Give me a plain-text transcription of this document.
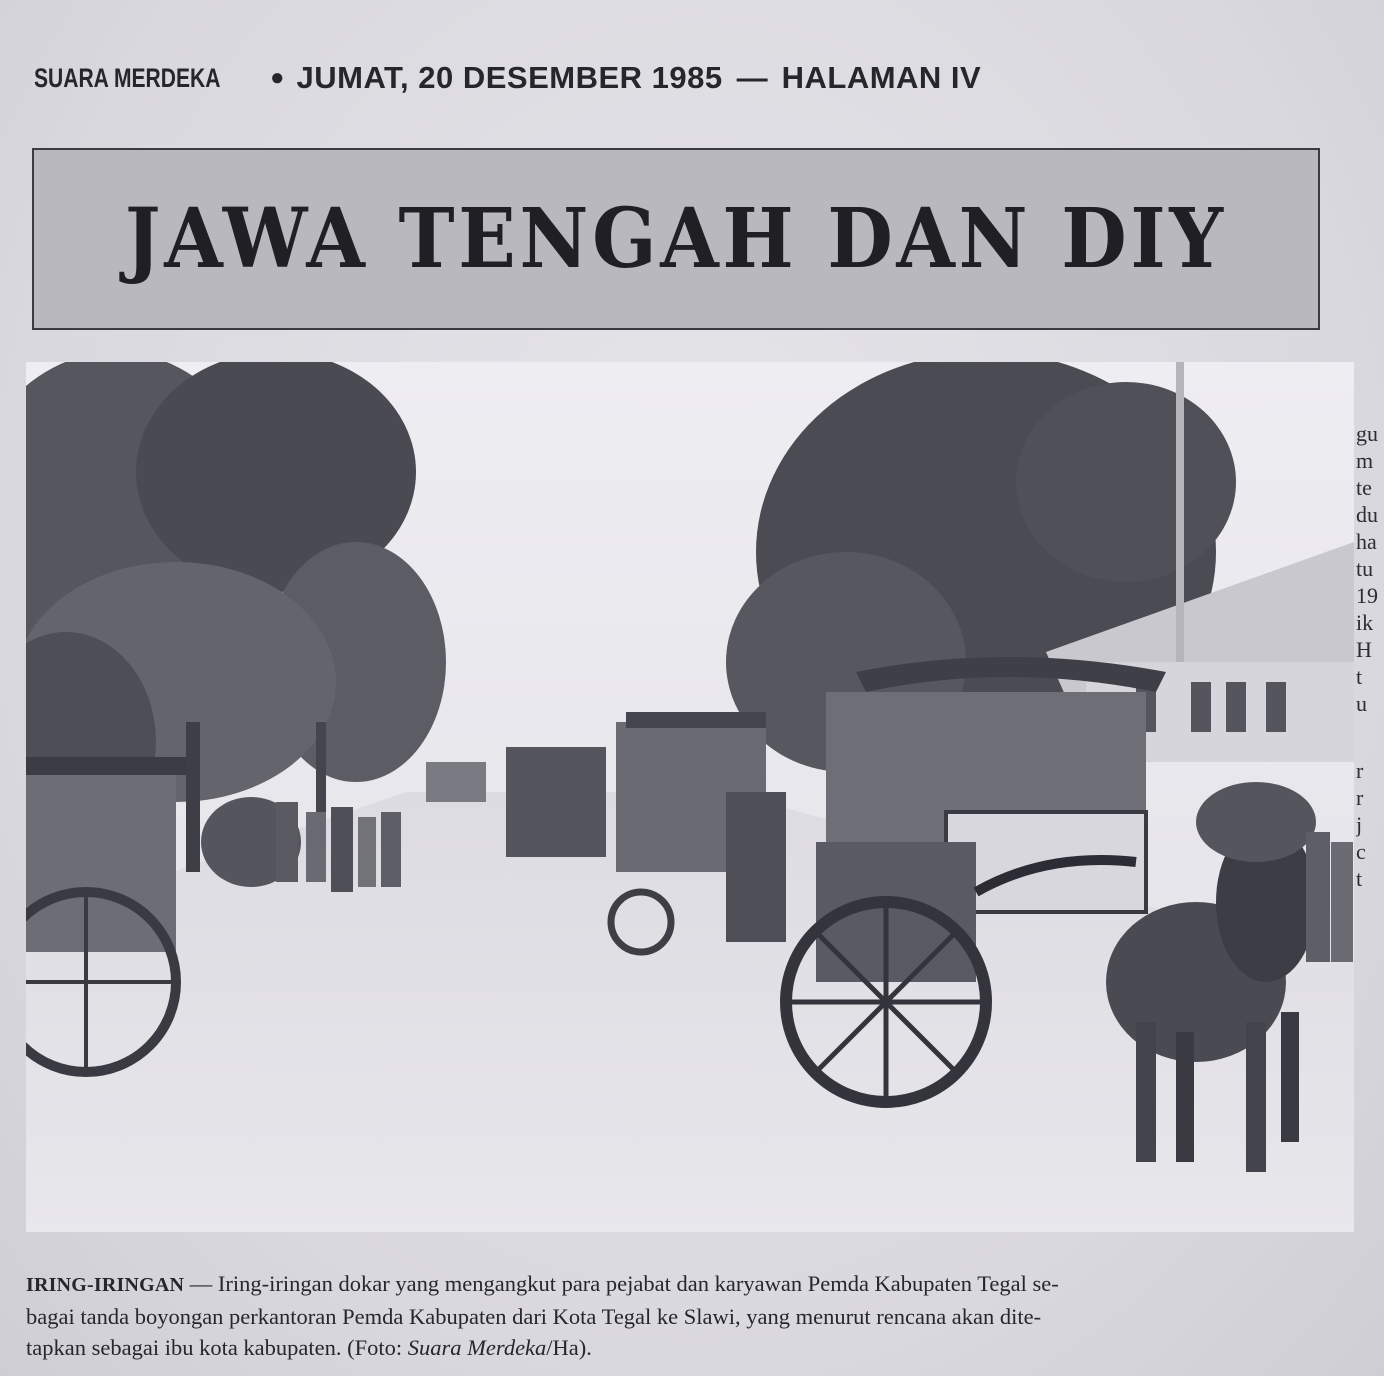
SUARA MERDEKA ● JUMAT, 20 DESEMBER 1985 — HALAMAN IV
JAWA TENGAH DAN DIY
gu
m
te
du
ha
tu
19
ik
H
t
u
r
r
j
c
t
IRING-IRINGAN — Iring-iringan dokar yang mengangkut para pejabat dan karyawan Pemda Kabupaten Tegal se-
bagai tanda boyongan perkantoran Pemda Kabupaten dari Kota Tegal ke Slawi, yang menurut rencana akan dite-
tapkan sebagai ibu kota kabupaten. (Foto: Suara Merdeka/Ha).
